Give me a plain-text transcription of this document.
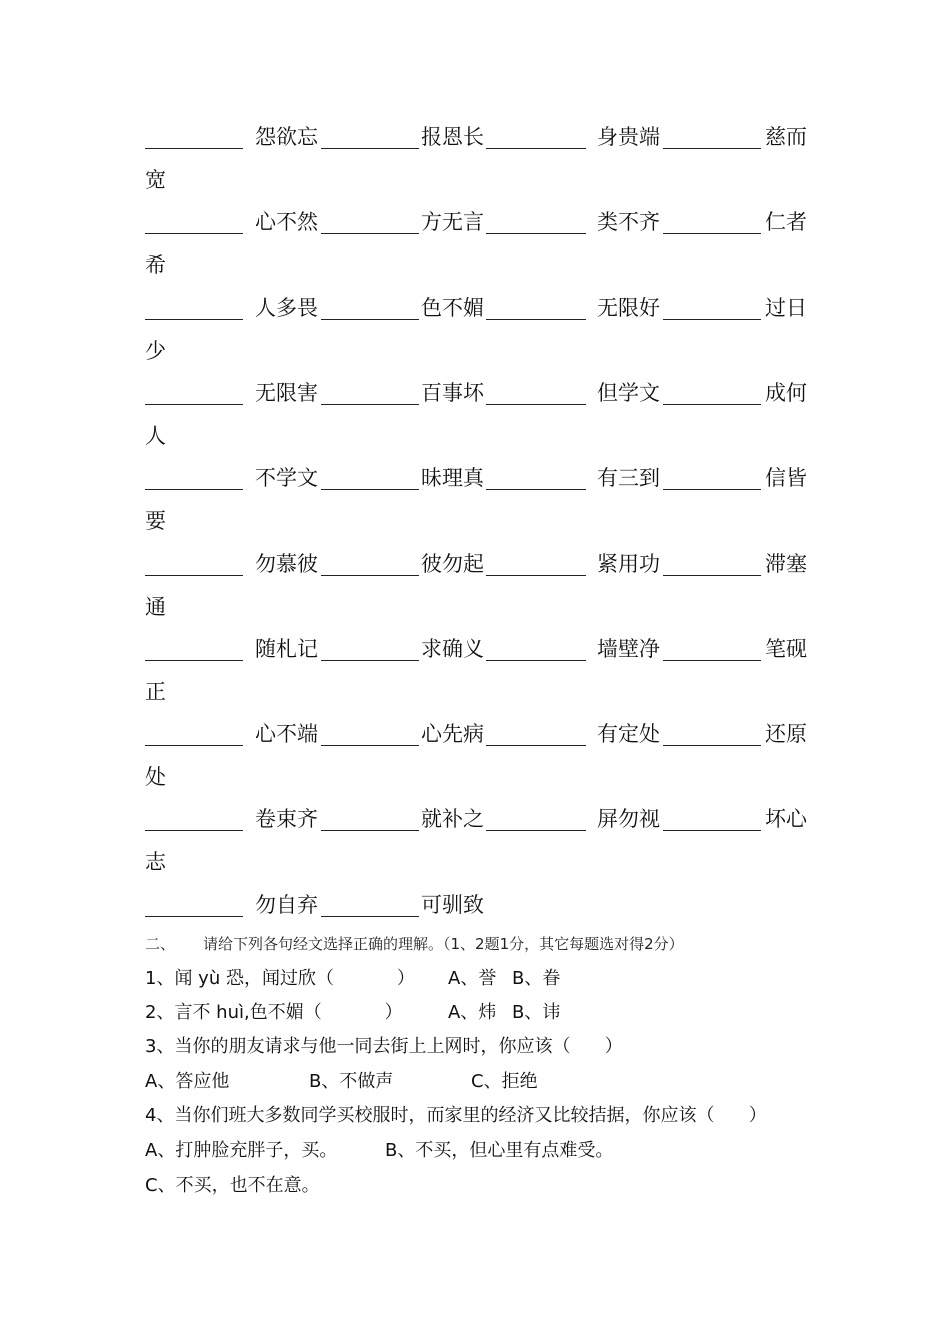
怨欲忘	报恩长	身贵端	慈而
宽
心不然	方无言	类不齐	仁者
希
人多畏	色不媚	无限好	过日
少
无限害	百事坏	但学文	成何
人
不学文	昧理真	有三到	信皆
要
勿慕彼	彼勿起	紧用功	滞塞
通
随札记	求确义	墙壁净	笔砚
正
心不端	心先病	有定处	还原
处
卷束齐	就补之	屏勿视	坏心
志
勿自弃	可驯致

二、

请给下列各句经文选择正确的理解。（1、2题1分，其它每题选对得2分）

1、闻 yù 恐，闻过欣（           ）

A、誉

B、眷

2、言不 huì,色不媚（           ）

	A、炜

B、讳

3、当你的朋友请求与他一同去街上上网时，你应该（      ）

A、答应他

	B、不做声

	C、拒绝

4、当你们班大多数同学买校服时，而家里的经济又比较拮据，你应该（      ）

A、打肿脸充胖子，买。

	B、不买，但心里有点难受。

C、不买，也不在意。
